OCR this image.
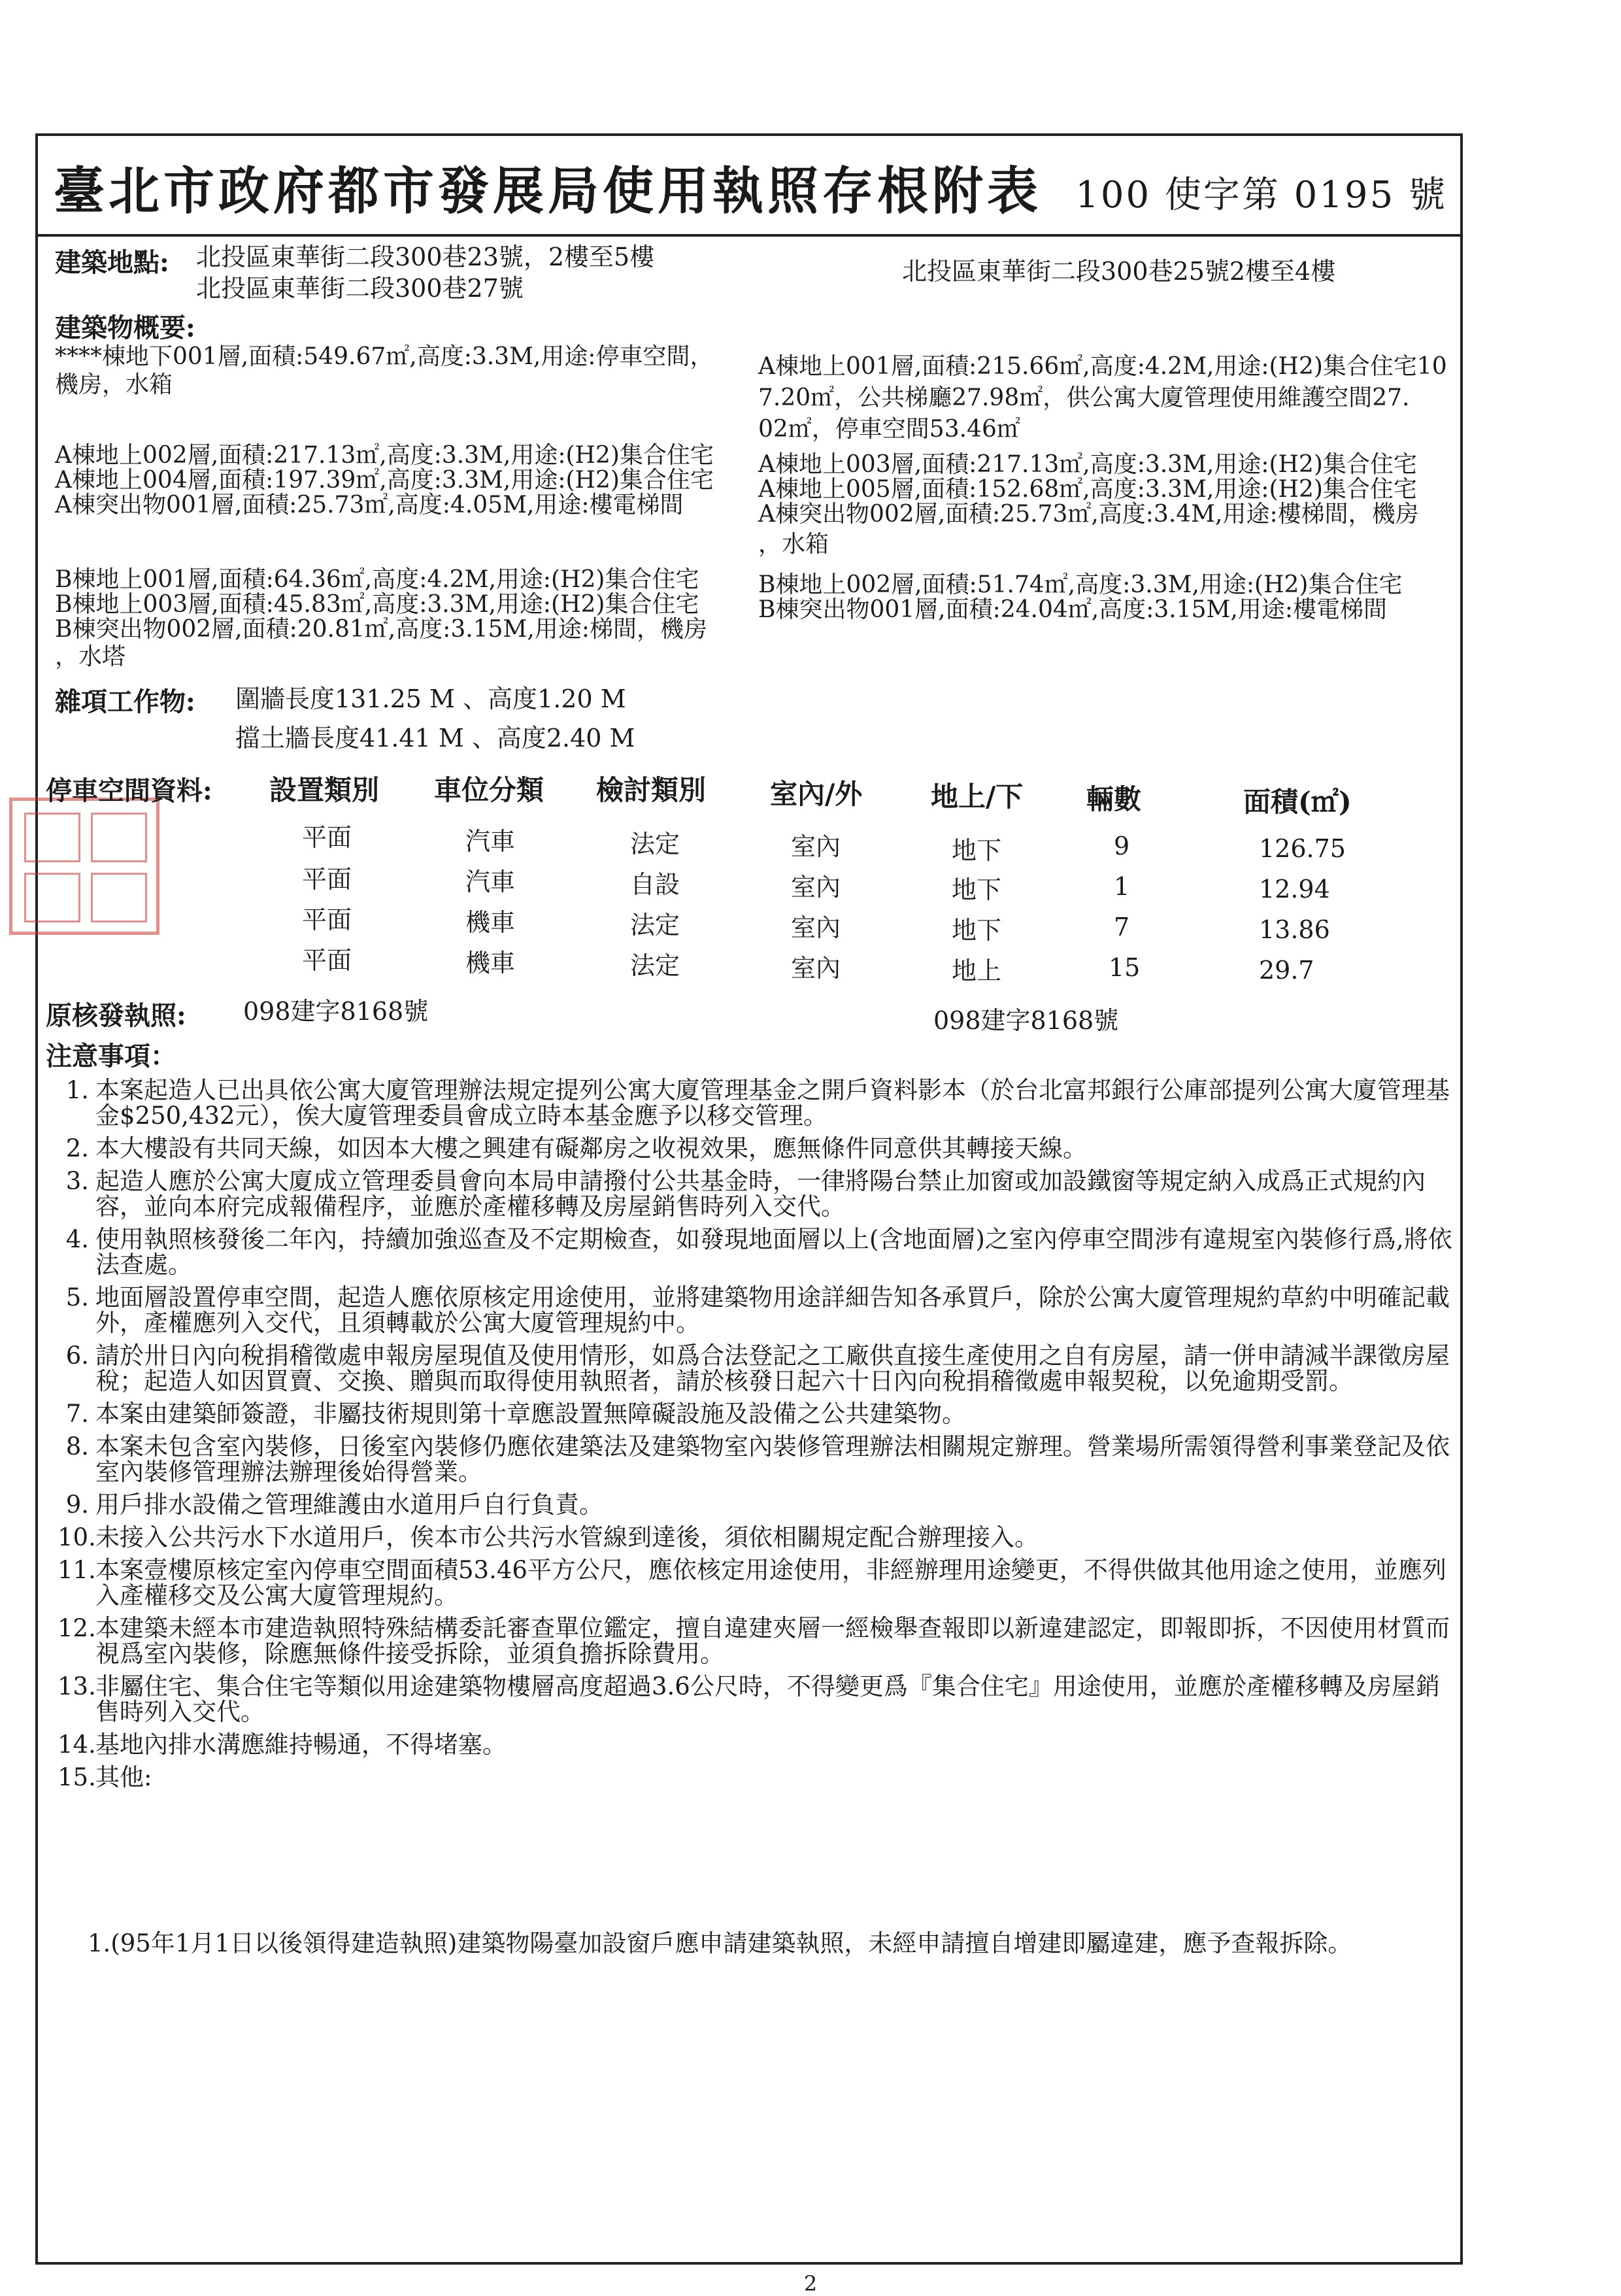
臺北市政府都市發展局使用執照存根附表 100 使字第 0195 號
建築地點: 北投區東華街二段300巷23號，2樓至5樓
北投區東華街二段300巷27號
北投區東華街二段300巷25號2樓至4樓
建築物概要:
****棟地下001層,面積:549.67㎡,高度:3.3M,用途:停車空間，
機房，水箱
A棟地上002層,面積:217.13㎡,高度:3.3M,用途:(H2)集合住宅
A棟地上004層,面積:197.39㎡,高度:3.3M,用途:(H2)集合住宅
A棟突出物001層,面積:25.73㎡,高度:4.05M,用途:樓電梯間
B棟地上001層,面積:64.36㎡,高度:4.2M,用途:(H2)集合住宅
B棟地上003層,面積:45.83㎡,高度:3.3M,用途:(H2)集合住宅
B棟突出物002層,面積:20.81㎡,高度:3.15M,用途:梯間，機房
，水塔
A棟地上001層,面積:215.66㎡,高度:4.2M,用途:(H2)集合住宅10
7.20㎡，公共梯廳27.98㎡，供公寓大廈管理使用維護空間27.
02㎡，停車空間53.46㎡
A棟地上003層,面積:217.13㎡,高度:3.3M,用途:(H2)集合住宅
A棟地上005層,面積:152.68㎡,高度:3.3M,用途:(H2)集合住宅
A棟突出物002層,面積:25.73㎡,高度:3.4M,用途:樓梯間，機房
，水箱
B棟地上002層,面積:51.74㎡,高度:3.3M,用途:(H2)集合住宅
B棟突出物001層,面積:24.04㎡,高度:3.15M,用途:樓電梯間
雜項工作物: 圍牆長度131.25 M 、高度1.20 M
擋土牆長度41.41 M 、高度2.40 M
停車空間資料: 設置類別 車位分類 檢討類別 室內/外 地上/下 輛數	面積(㎡)
平面	汽車	法定	室內	地下	9	126.75
平面	汽車	自設	室內	地下	1	12.94
平面	機車	法定	室內	地下	7	13.86
平面	機車	法定	室內	地上	15	29.7
原核發執照: 098建字8168號	098建字8168號
注意事項：
1. 本案起造人已出具依公寓大廈管理辦法規定提列公寓大廈管理基金之開戶資料影本（於台北富邦銀行公庫部提列公寓大廈管理基金$250,432元），俟大廈管理委員會成立時本基金應予以移交管理。
2. 本大樓設有共同天線，如因本大樓之興建有礙鄰房之收視效果，應無條件同意供其轉接天線。
3. 起造人應於公寓大廈成立管理委員會向本局申請撥付公共基金時，一律將陽台禁止加窗或加設鐵窗等規定納入成爲正式規約內容，並向本府完成報備程序，並應於產權移轉及房屋銷售時列入交代。
4. 使用執照核發後二年內，持續加強巡查及不定期檢查，如發現地面層以上(含地面層)之室內停車空間涉有違規室內裝修行爲,將依法查處。
5. 地面層設置停車空間，起造人應依原核定用途使用，並將建築物用途詳細告知各承買戶，除於公寓大廈管理規約草約中明確記載外，產權應列入交代，且須轉載於公寓大廈管理規約中。
6. 請於卅日內向稅捐稽徵處申報房屋現值及使用情形，如爲合法登記之工廠供直接生產使用之自有房屋，請一併申請減半課徵房屋稅；起造人如因買賣、交換、贈與而取得使用執照者，請於核發日起六十日內向稅捐稽徵處申報契稅，以免逾期受罰。
7. 本案由建築師簽證，非屬技術規則第十章應設置無障礙設施及設備之公共建築物。
8. 本案未包含室內裝修，日後室內裝修仍應依建築法及建築物室內裝修管理辦法相關規定辦理。營業場所需領得營利事業登記及依室內裝修管理辦法辦理後始得營業。
9. 用戶排水設備之管理維護由水道用戶自行負責。
10. 未接入公共污水下水道用戶，俟本市公共污水管線到達後，須依相關規定配合辦理接入。
11. 本案壹樓原核定室內停車空間面積53.46平方公尺，應依核定用途使用，非經辦理用途變更，不得供做其他用途之使用，並應列入產權移交及公寓大廈管理規約。
12. 本建築未經本市建造執照特殊結構委託審查單位鑑定，擅自違建夾層一經檢舉查報即以新違建認定，即報即拆，不因使用材質而視爲室內裝修，除應無條件接受拆除，並須負擔拆除費用。
13. 非屬住宅、集合住宅等類似用途建築物樓層高度超過3.6公尺時，不得變更爲『集合住宅』用途使用，並應於產權移轉及房屋銷售時列入交代。
14. 基地內排水溝應維持暢通，不得堵塞。
15. 其他:
1.(95年1月1日以後領得建造執照)建築物陽臺加設窗戶應申請建築執照，未經申請擅自增建即屬違建，應予查報拆除。
2
